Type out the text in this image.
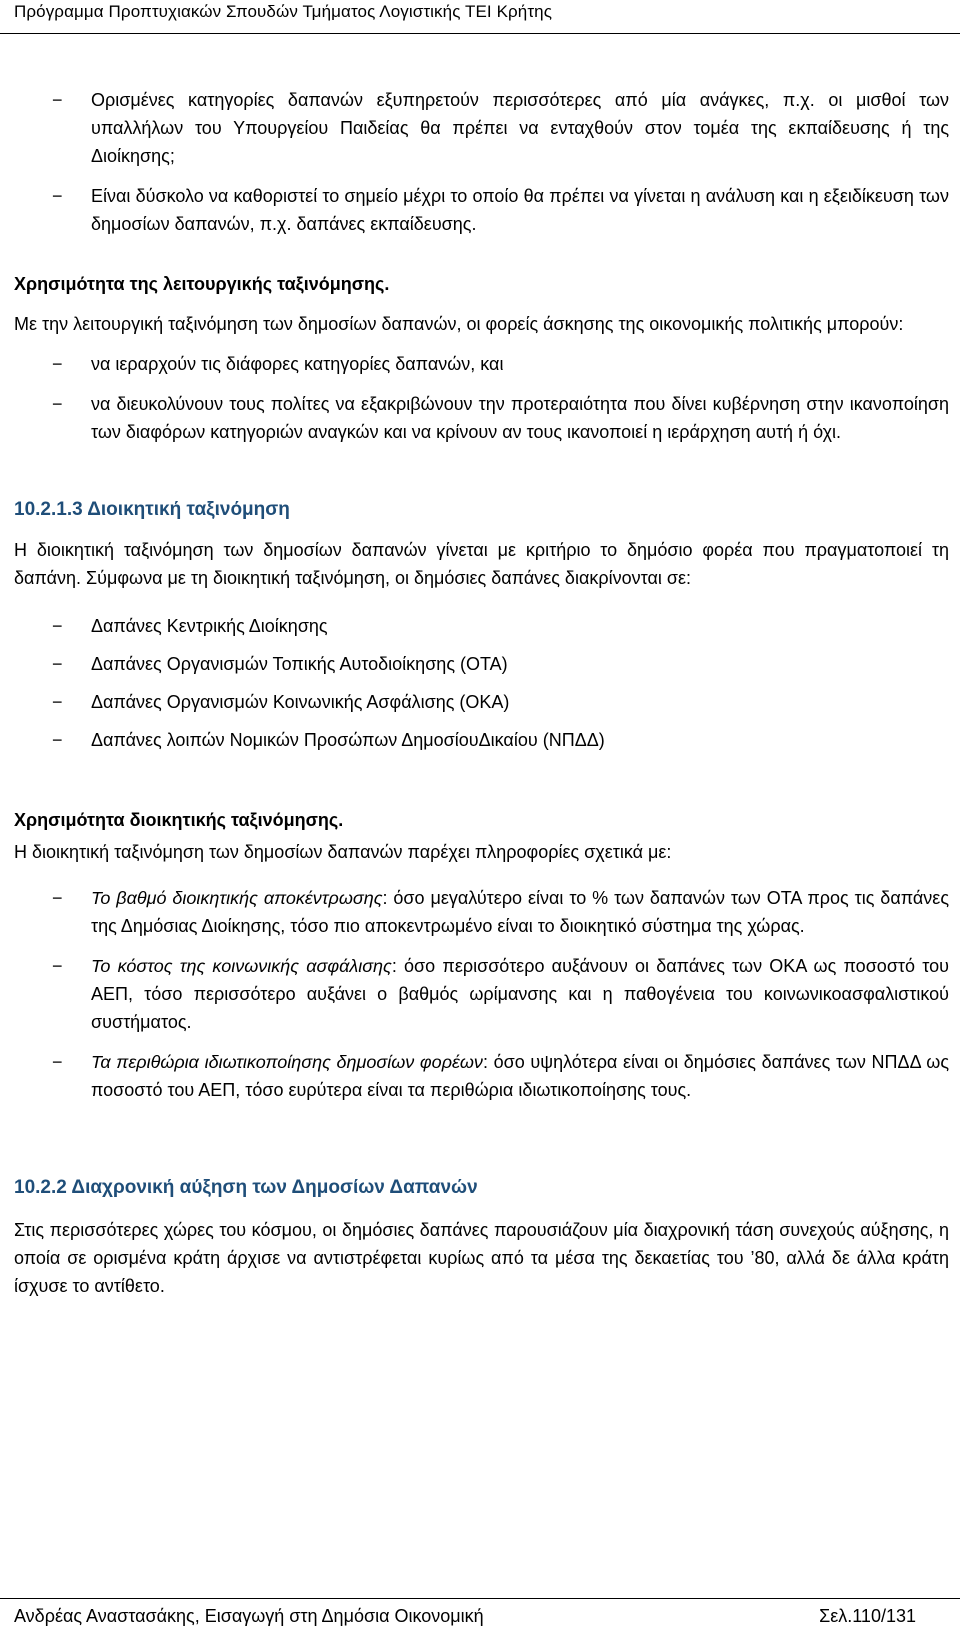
Πρόγραμμα Προπτυχιακών Σπουδών Τμήματος Λογιστικής ΤΕΙ Κρήτης
− Ορισμένες κατηγορίες δαπανών εξυπηρετούν περισσότερες από μία ανάγκες, π.χ. οι μισθοί των υπαλλήλων του Υπουργείου Παιδείας θα πρέπει να ενταχθούν στον τομέα της εκπαίδευσης ή της Διοίκησης;
− Είναι δύσκολο να καθοριστεί το σημείο μέχρι το οποίο θα πρέπει να γίνεται η ανάλυση και η εξειδίκευση των δημοσίων δαπανών, π.χ. δαπάνες εκπαίδευσης.

Χρησιμότητα της λειτουργικής ταξινόμησης.

Με την λειτουργική ταξινόμηση των δημοσίων δαπανών, οι φορείς άσκησης της οικονομικής πολιτικής μπορούν:

− να ιεραρχούν τις διάφορες κατηγορίες δαπανών, και
− να διευκολύνουν τους πολίτες να εξακριβώνουν την προτεραιότητα που δίνει κυβέρνηση στην ικανοποίηση των διαφόρων κατηγοριών αναγκών και να κρίνουν αν τους ικανοποιεί η ιεράρχηση αυτή ή όχι.

10.2.1.3 Διοικητική ταξινόμηση

Η διοικητική ταξινόμηση των δημοσίων δαπανών γίνεται με κριτήριο το δημόσιο φορέα που πραγματοποιεί τη δαπάνη. Σύμφωνα με τη διοικητική ταξινόμηση, οι δημόσιες δαπάνες διακρίνονται σε:

− Δαπάνες Κεντρικής Διοίκησης
− Δαπάνες Οργανισμών Τοπικής Αυτοδιοίκησης (ΟΤΑ)
− Δαπάνες Οργανισμών Κοινωνικής Ασφάλισης (ΟΚΑ)
− Δαπάνες λοιπών Νομικών Προσώπων ΔημοσίουΔικαίου (ΝΠΔΔ)

Χρησιμότητα διοικητικής ταξινόμησης.

Η διοικητική ταξινόμηση των δημοσίων δαπανών παρέχει πληροφορίες σχετικά με:

− Το βαθμό διοικητικής αποκέντρωσης: όσο μεγαλύτερο είναι το % των δαπανών των ΟΤΑ προς τις δαπάνες της Δημόσιας Διοίκησης, τόσο πιο αποκεντρωμένο είναι το διοικητικό σύστημα της χώρας.
− Το κόστος της κοινωνικής ασφάλισης: όσο περισσότερο αυξάνουν οι δαπάνες των ΟΚΑ ως ποσοστό του ΑΕΠ, τόσο περισσότερο αυξάνει ο βαθμός ωρίμανσης και η παθογένεια του κοινωνικοασφαλιστικού συστήματος.
− Τα περιθώρια ιδιωτικοποίησης δημοσίων φορέων: όσο υψηλότερα είναι οι δημόσιες δαπάνες των ΝΠΔΔ ως ποσοστό του ΑΕΠ, τόσο ευρύτερα είναι τα περιθώρια ιδιωτικοποίησης τους.

10.2.2 Διαχρονική αύξηση των Δημοσίων Δαπανών

Στις περισσότερες χώρες του κόσμου, οι δημόσιες δαπάνες παρουσιάζουν μία διαχρονική τάση συνεχούς αύξησης, η οποία σε ορισμένα κράτη άρχισε να αντιστρέφεται κυρίως από τα μέσα της δεκαετίας του ’80, αλλά δε άλλα κράτη ίσχυσε το αντίθετο.

Ανδρέας Αναστασάκης, Εισαγωγή στη Δημόσια Οικονομική	Σελ.110/131
